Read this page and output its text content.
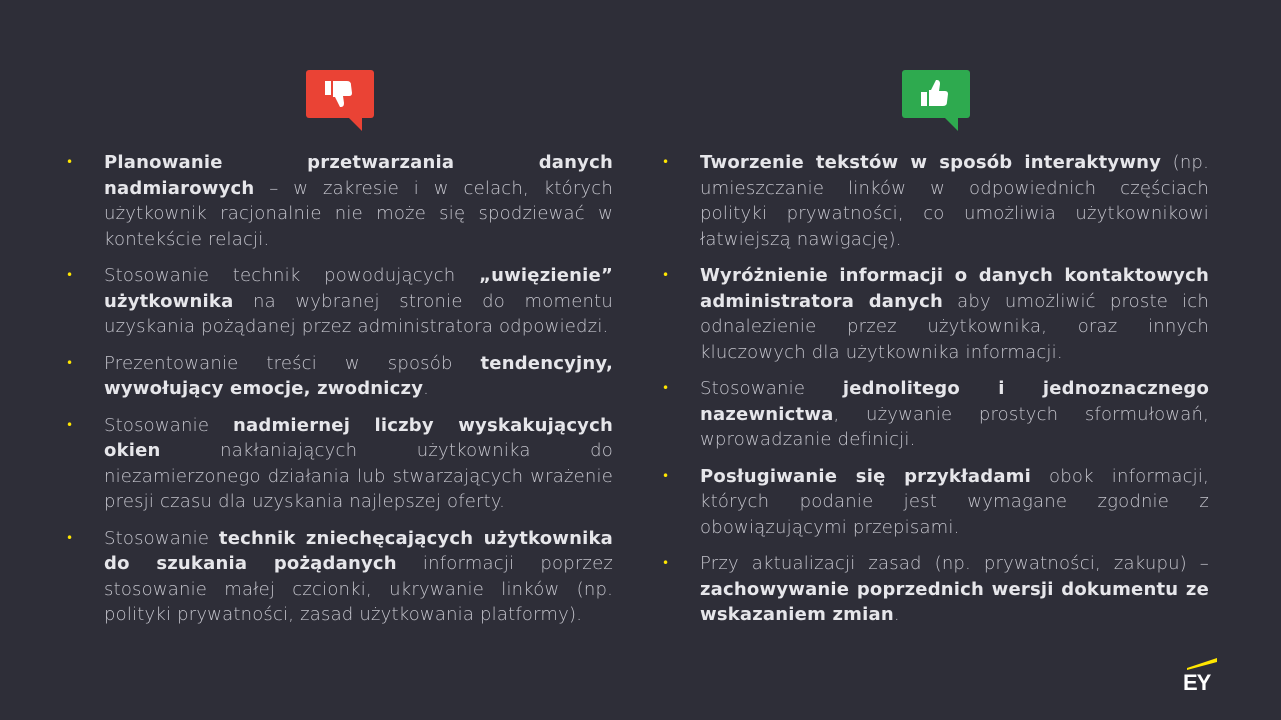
• Planowanie przetwarzania danych nadmiarowych – w zakresie i w celach, których użytkownik racjonalnie nie może się spodziewać w kontekście relacji.

• Stosowanie technik powodujących „uwięzienie” użytkownika na wybranej stronie do momentu uzyskania pożądanej przez administratora odpowiedzi.

• Prezentowanie treści w sposób tendencyjny, wywołujący emocje, zwodniczy.

• Stosowanie nadmiernej liczby wyskakujących okien nakłaniających użytkownika do niezamierzonego działania lub stwarzających wrażenie presji czasu dla uzyskania najlepszej oferty.

• Stosowanie technik zniechęcających użytkownika do szukania pożądanych informacji poprzez stosowanie małej czcionki, ukrywanie linków (np. polityki prywatności, zasad użytkowania platformy).

• Tworzenie tekstów w sposób interaktywny (np. umieszczanie linków w odpowiednich częściach polityki prywatności, co umożliwia użytkownikowi łatwiejszą nawigację).

• Wyróżnienie informacji o danych kontaktowych administratora danych aby umożliwić proste ich odnalezienie przez użytkownika, oraz innych kluczowych dla użytkownika informacji.

• Stosowanie jednolitego i jednoznacznego nazewnictwa, używanie prostych sformułowań, wprowadzanie definicji.

• Posługiwanie się przykładami obok informacji, których podanie jest wymagane zgodnie z obowiązującymi przepisami.

• Przy aktualizacji zasad (np. prywatności, zakupu) – zachowywanie poprzednich wersji dokumentu ze wskazaniem zmian.

EY
